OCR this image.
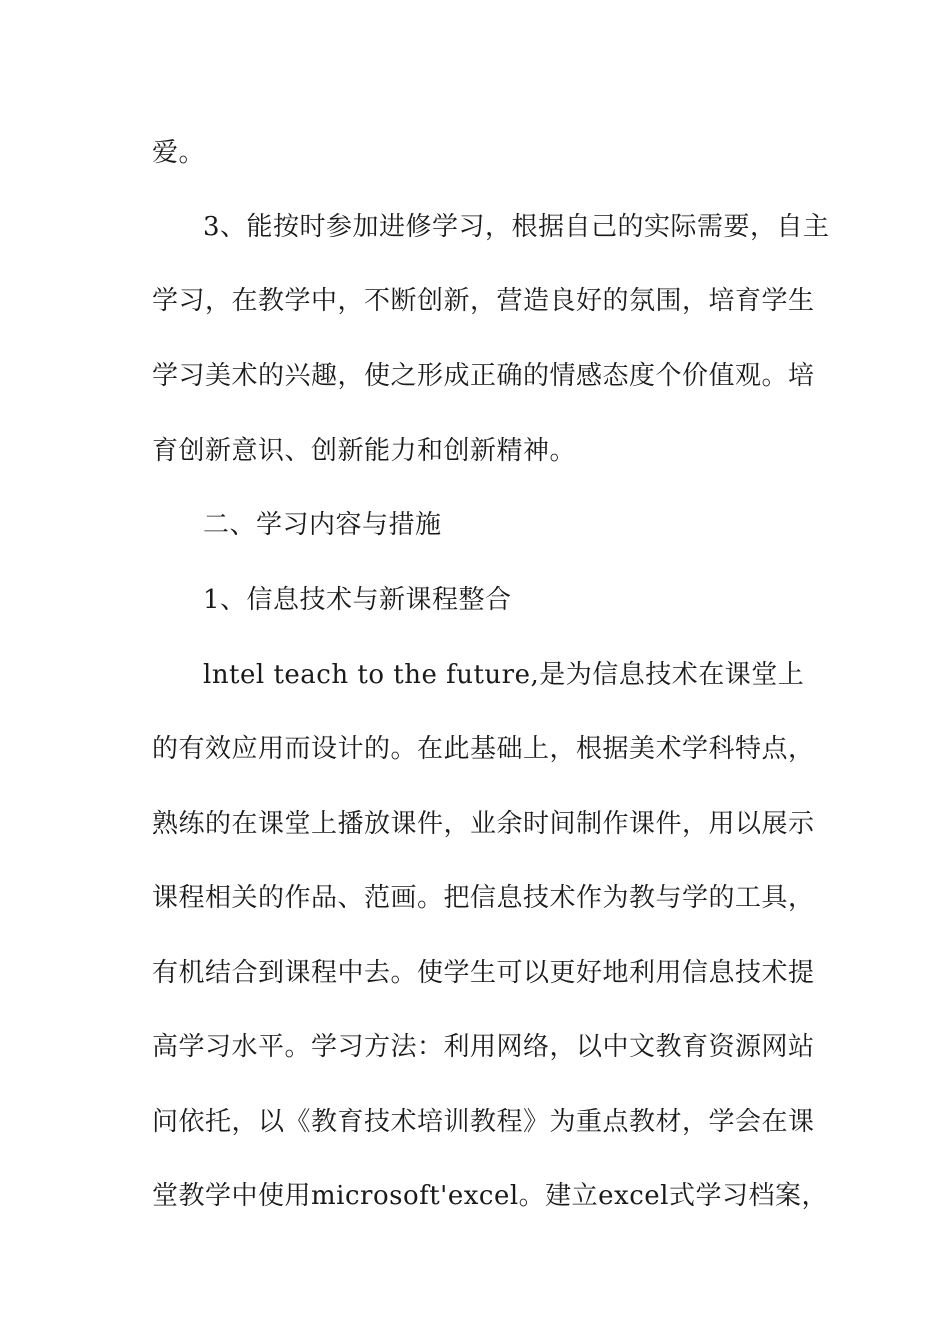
爱。
3、能按时参加进修学习，根据自己的实际需要，自主
学习，在教学中，不断创新，营造良好的氛围，培育学生
学习美术的兴趣，使之形成正确的情感态度个价值观。培
育创新意识、创新能力和创新精神。
二、学习内容与措施
1、信息技术与新课程整合
lntel teach to the future,是为信息技术在课堂上
的有效应用而设计的。在此基础上，根据美术学科特点，
熟练的在课堂上播放课件，业余时间制作课件，用以展示
课程相关的作品、范画。把信息技术作为教与学的工具，
有机结合到课程中去。使学生可以更好地利用信息技术提
高学习水平。学习方法：利用网络，以中文教育资源网站
问依托，以《教育技术培训教程》为重点教材，学会在课
堂教学中使用microsoft'excel。建立excel式学习档案，
